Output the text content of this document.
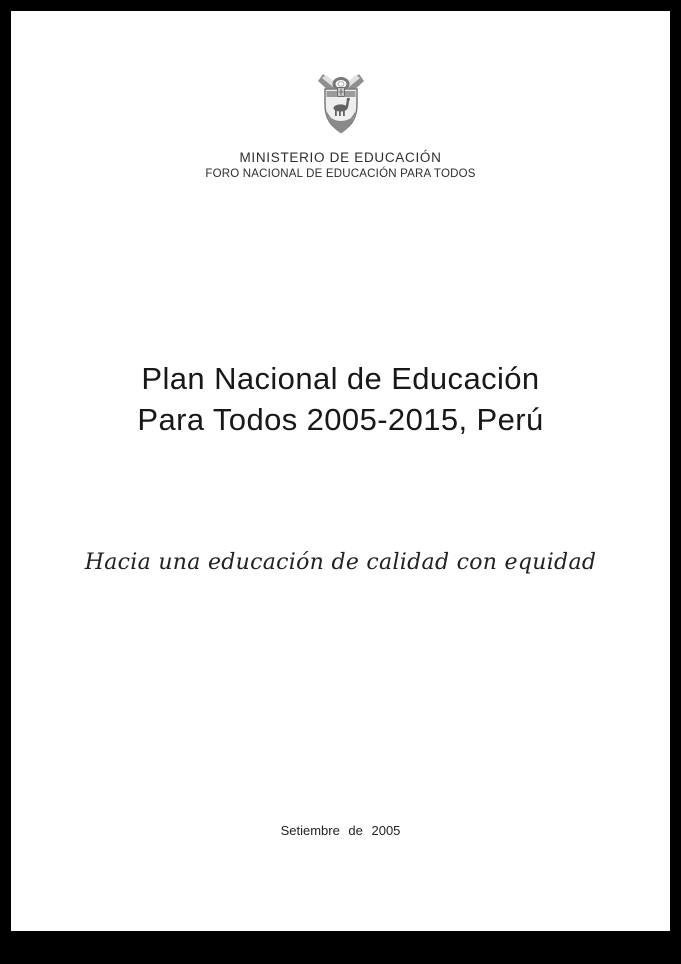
MINISTERIO DE EDUCACIÓN
FORO NACIONAL DE EDUCACIÓN PARA TODOS
Plan Nacional de Educación
Para Todos 2005-2015, Perú
Hacia una educación de calidad con equidad
Setiembre de 2005
